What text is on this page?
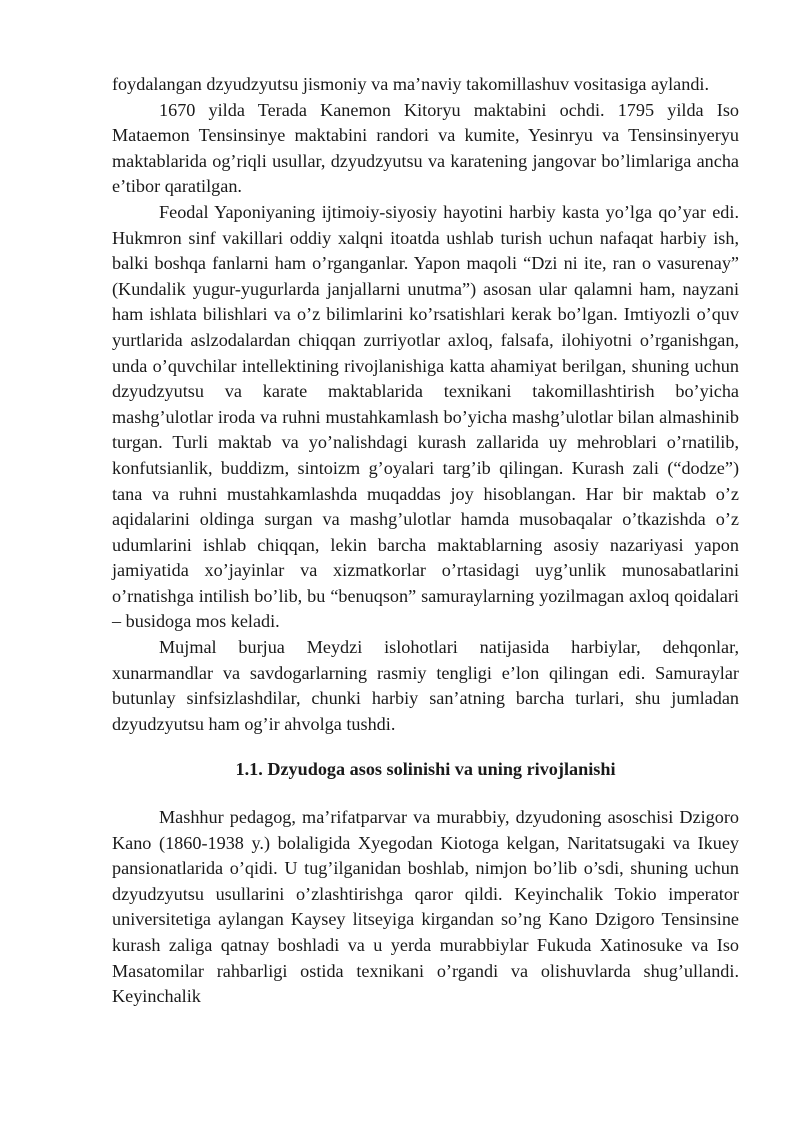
foydalangan dzyudzyutsu jismoniy va ma’naviy takomillashuv vositasiga aylandi.

1670 yilda Terada Kanemon Kitoryu maktabini ochdi. 1795 yilda Iso Mataemon Tensinsinye maktabini randori va kumite, Yesinryu va Tensinsinyeryu maktablarida og’riqli usullar, dzyudzyutsu va karatening jangovar bo’limlariga ancha e’tibor qaratilgan.

Feodal Yaponiyaning ijtimoiy-siyosiy hayotini harbiy kasta yo’lga qo’yar edi. Hukmron sinf vakillari oddiy xalqni itoatda ushlab turish uchun nafaqat harbiy ish, balki boshqa fanlarni ham o’rganganlar. Yapon maqoli “Dzi ni ite, ran o vasurenay” (Kundalik yugur-yugurlarda janjallarni unutma”) asosan ular qalamni ham, nayzani ham ishlata bilishlari va o’z bilimlarini ko’rsatishlari kerak bo’lgan. Imtiyozli o’quv yurtlarida aslzodalardan chiqqan zurriyotlar axloq, falsafa, ilohiyotni o’rganishgan, unda o’quvchilar intellektining rivojlanishiga katta ahamiyat berilgan, shuning uchun dzyudzyutsu va karate maktablarida texnikani takomillashtirish bo’yicha mashg’ulotlar iroda va ruhni mustahkamlash bo’yicha mashg’ulotlar bilan almashinib turgan. Turli maktab va yo’nalishdagi kurash zallarida uy mehroblari o’rnatilib, konfutsianlik, buddizm, sintoizm g’oyalari targ’ib qilingan. Kurash zali (“dodze”) tana va ruhni mustahkamlashda muqaddas joy hisoblangan. Har bir maktab o’z aqidalarini oldinga surgan va mashg’ulotlar hamda musobaqalar o’tkazishda o’z udumlarini ishlab chiqqan, lekin barcha maktablarning asosiy nazariyasi yapon jamiyatida xo’jayinlar va xizmatkorlar o’rtasidagi uyg’unlik munosabatlarini o’rnatishga intilish bo’lib, bu “benuqson” samuraylarning yozilmagan axloq qoidalari – busidoga mos keladi.

Mujmal burjua Meydzi islohotlari natijasida harbiylar, dehqonlar, xunarmandlar va savdogarlarning rasmiy tengligi e’lon qilingan edi. Samuraylar butunlay sinfsizlashdilar, chunki harbiy san’atning barcha turlari, shu jumladan dzyudzyutsu ham og’ir ahvolga tushdi.

1.1. Dzyudoga asos solinishi va uning rivojlanishi

Mashhur pedagog, ma’rifatparvar va murabbiy, dzyudoning asoschisi Dzigoro Kano (1860-1938 y.) bolaligida Xyegodan Kiotoga kelgan, Naritatsugaki va Ikuey pansionatlarida o’qidi. U tug’ilganidan boshlab, nimjon bo’lib o’sdi, shuning uchun dzyudzyutsu usullarini o’zlashtirishga qaror qildi. Keyinchalik Tokio imperator universitetiga aylangan Kaysey litseyiga kirgandan so’ng Kano Dzigoro Tensinsine kurash zaliga qatnay boshladi va u yerda murabbiylar Fukuda Xatinosuke va Iso Masatomilar rahbarligi ostida texnikani o’rgandi va olishuvlarda shug’ullandi. Keyinchalik
